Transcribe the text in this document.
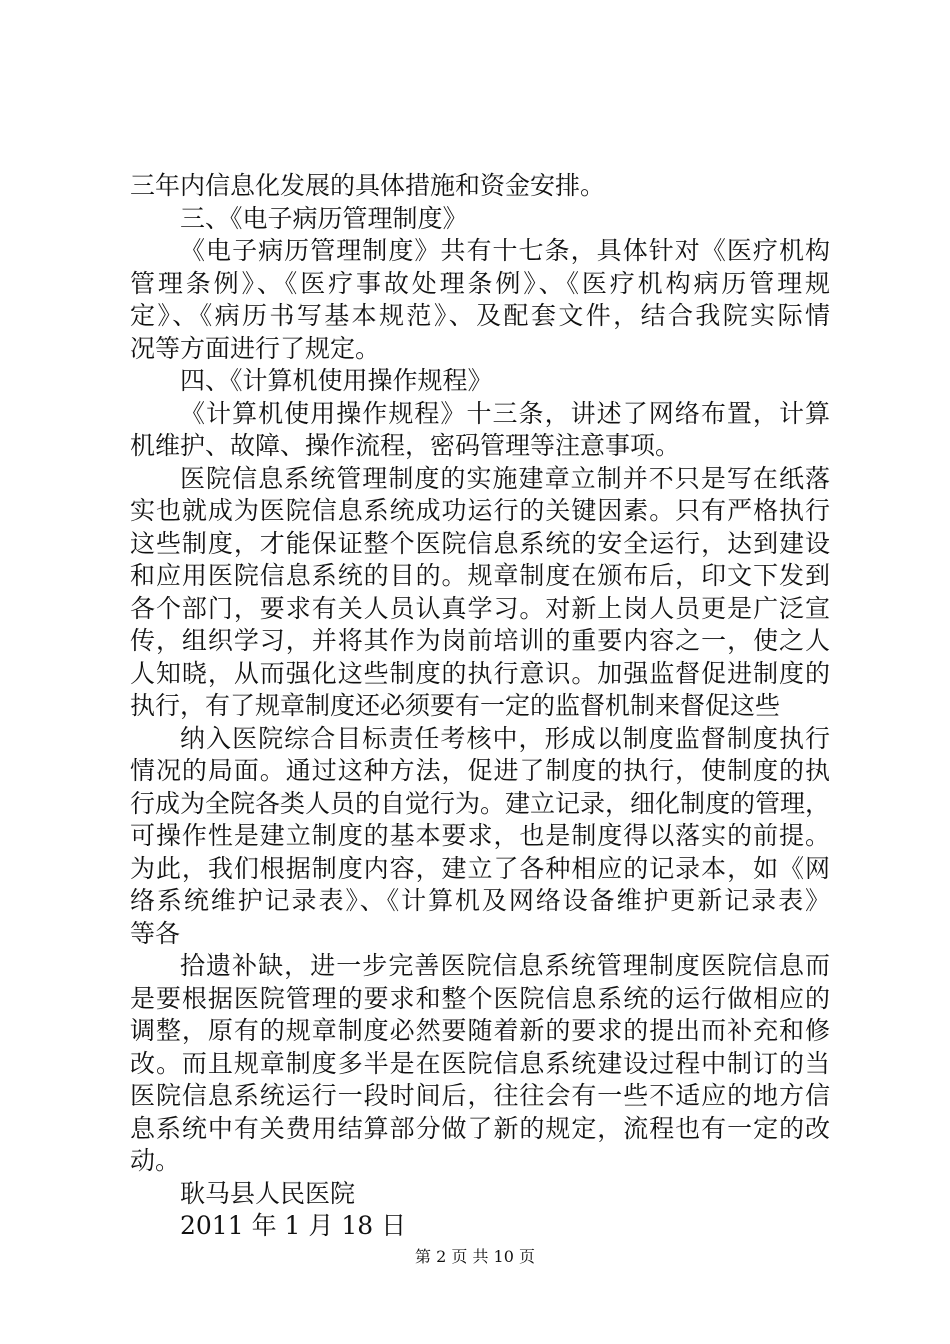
三年内信息化发展的具体措施和资金安排。
三、《电子病历管理制度》
《电子病历管理制度》共有十七条，具体针对《医疗机构
管理条例》、《医疗事故处理条例》、《医疗机构病历管理规
定》、《病历书写基本规范》、及配套文件，结合我院实际情
况等方面进行了规定。
四、《计算机使用操作规程》
《计算机使用操作规程》十三条，讲述了网络布置，计算
机维护、故障、操作流程，密码管理等注意事项。
医院信息系统管理制度的实施建章立制并不只是写在纸落
实也就成为医院信息系统成功运行的关键因素。只有严格执行
这些制度，才能保证整个医院信息系统的安全运行，达到建设
和应用医院信息系统的目的。规章制度在颁布后，印文下发到
各个部门，要求有关人员认真学习。对新上岗人员更是广泛宣
传，组织学习，并将其作为岗前培训的重要内容之一，使之人
人知晓，从而强化这些制度的执行意识。加强监督促进制度的
执行，有了规章制度还必须要有一定的监督机制来督促这些
纳入医院综合目标责任考核中，形成以制度监督制度执行
情况的局面。通过这种方法，促进了制度的执行，使制度的执
行成为全院各类人员的自觉行为。建立记录，细化制度的管理，
可操作性是建立制度的基本要求，也是制度得以落实的前提。
为此，我们根据制度内容，建立了各种相应的记录本，如《网
络系统维护记录表》、《计算机及网络设备维护更新记录表》
等各
拾遗补缺，进一步完善医院信息系统管理制度医院信息而
是要根据医院管理的要求和整个医院信息系统的运行做相应的
调整，原有的规章制度必然要随着新的要求的提出而补充和修
改。而且规章制度多半是在医院信息系统建设过程中制订的当
医院信息系统运行一段时间后，往往会有一些不适应的地方信
息系统中有关费用结算部分做了新的规定，流程也有一定的改
动。
耿马县人民医院
2011 年 1 月 18 日
第 2 页 共 10 页
